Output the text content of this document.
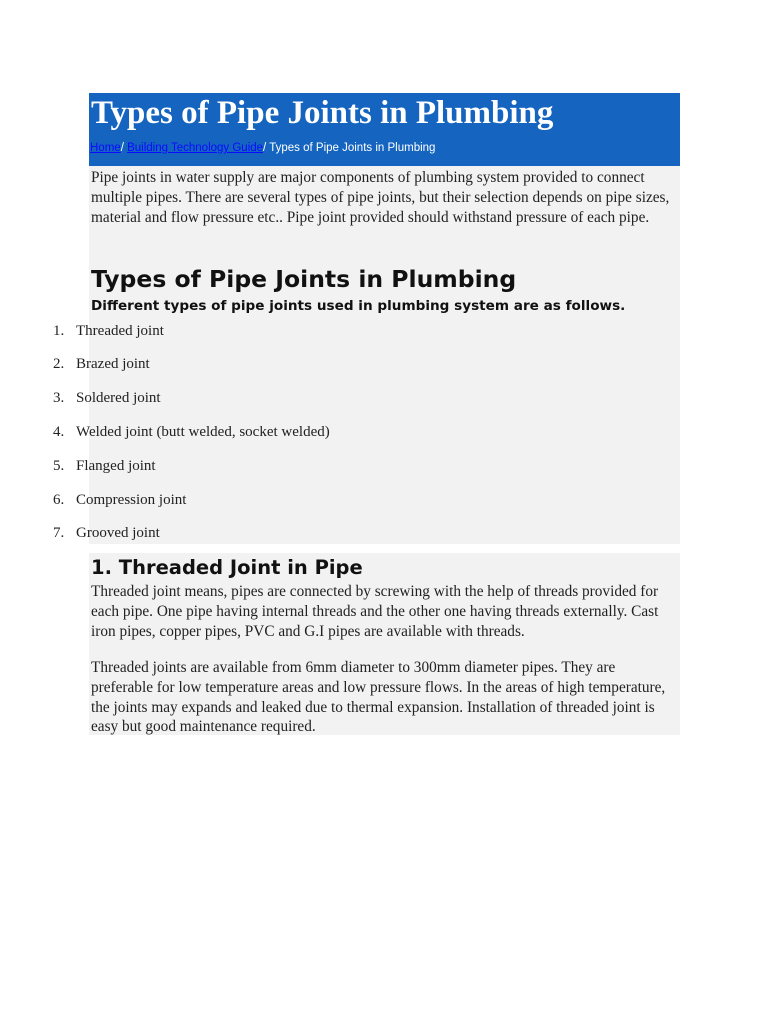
Types of Pipe Joints in Plumbing
Home/ Building Technology Guide/ Types of Pipe Joints in Plumbing

Pipe joints in water supply are major components of plumbing system provided to connect multiple pipes. There are several types of pipe joints, but their selection depends on pipe sizes, material and flow pressure etc.. Pipe joint provided should withstand pressure of each pipe.

Types of Pipe Joints in Plumbing
Different types of pipe joints used in plumbing system are as follows.
1. Threaded joint
2. Brazed joint
3. Soldered joint
4. Welded joint (butt welded, socket welded)
5. Flanged joint
6. Compression joint
7. Grooved joint
1. Threaded Joint in Pipe

Threaded joint means, pipes are connected by screwing with the help of threads provided for each pipe. One pipe having internal threads and the other one having threads externally. Cast iron pipes, copper pipes, PVC and G.I pipes are available with threads.

Threaded joints are available from 6mm diameter to 300mm diameter pipes. They are preferable for low temperature areas and low pressure flows. In the areas of high temperature, the joints may expands and leaked due to thermal expansion. Installation of threaded joint is easy but good maintenance required.
